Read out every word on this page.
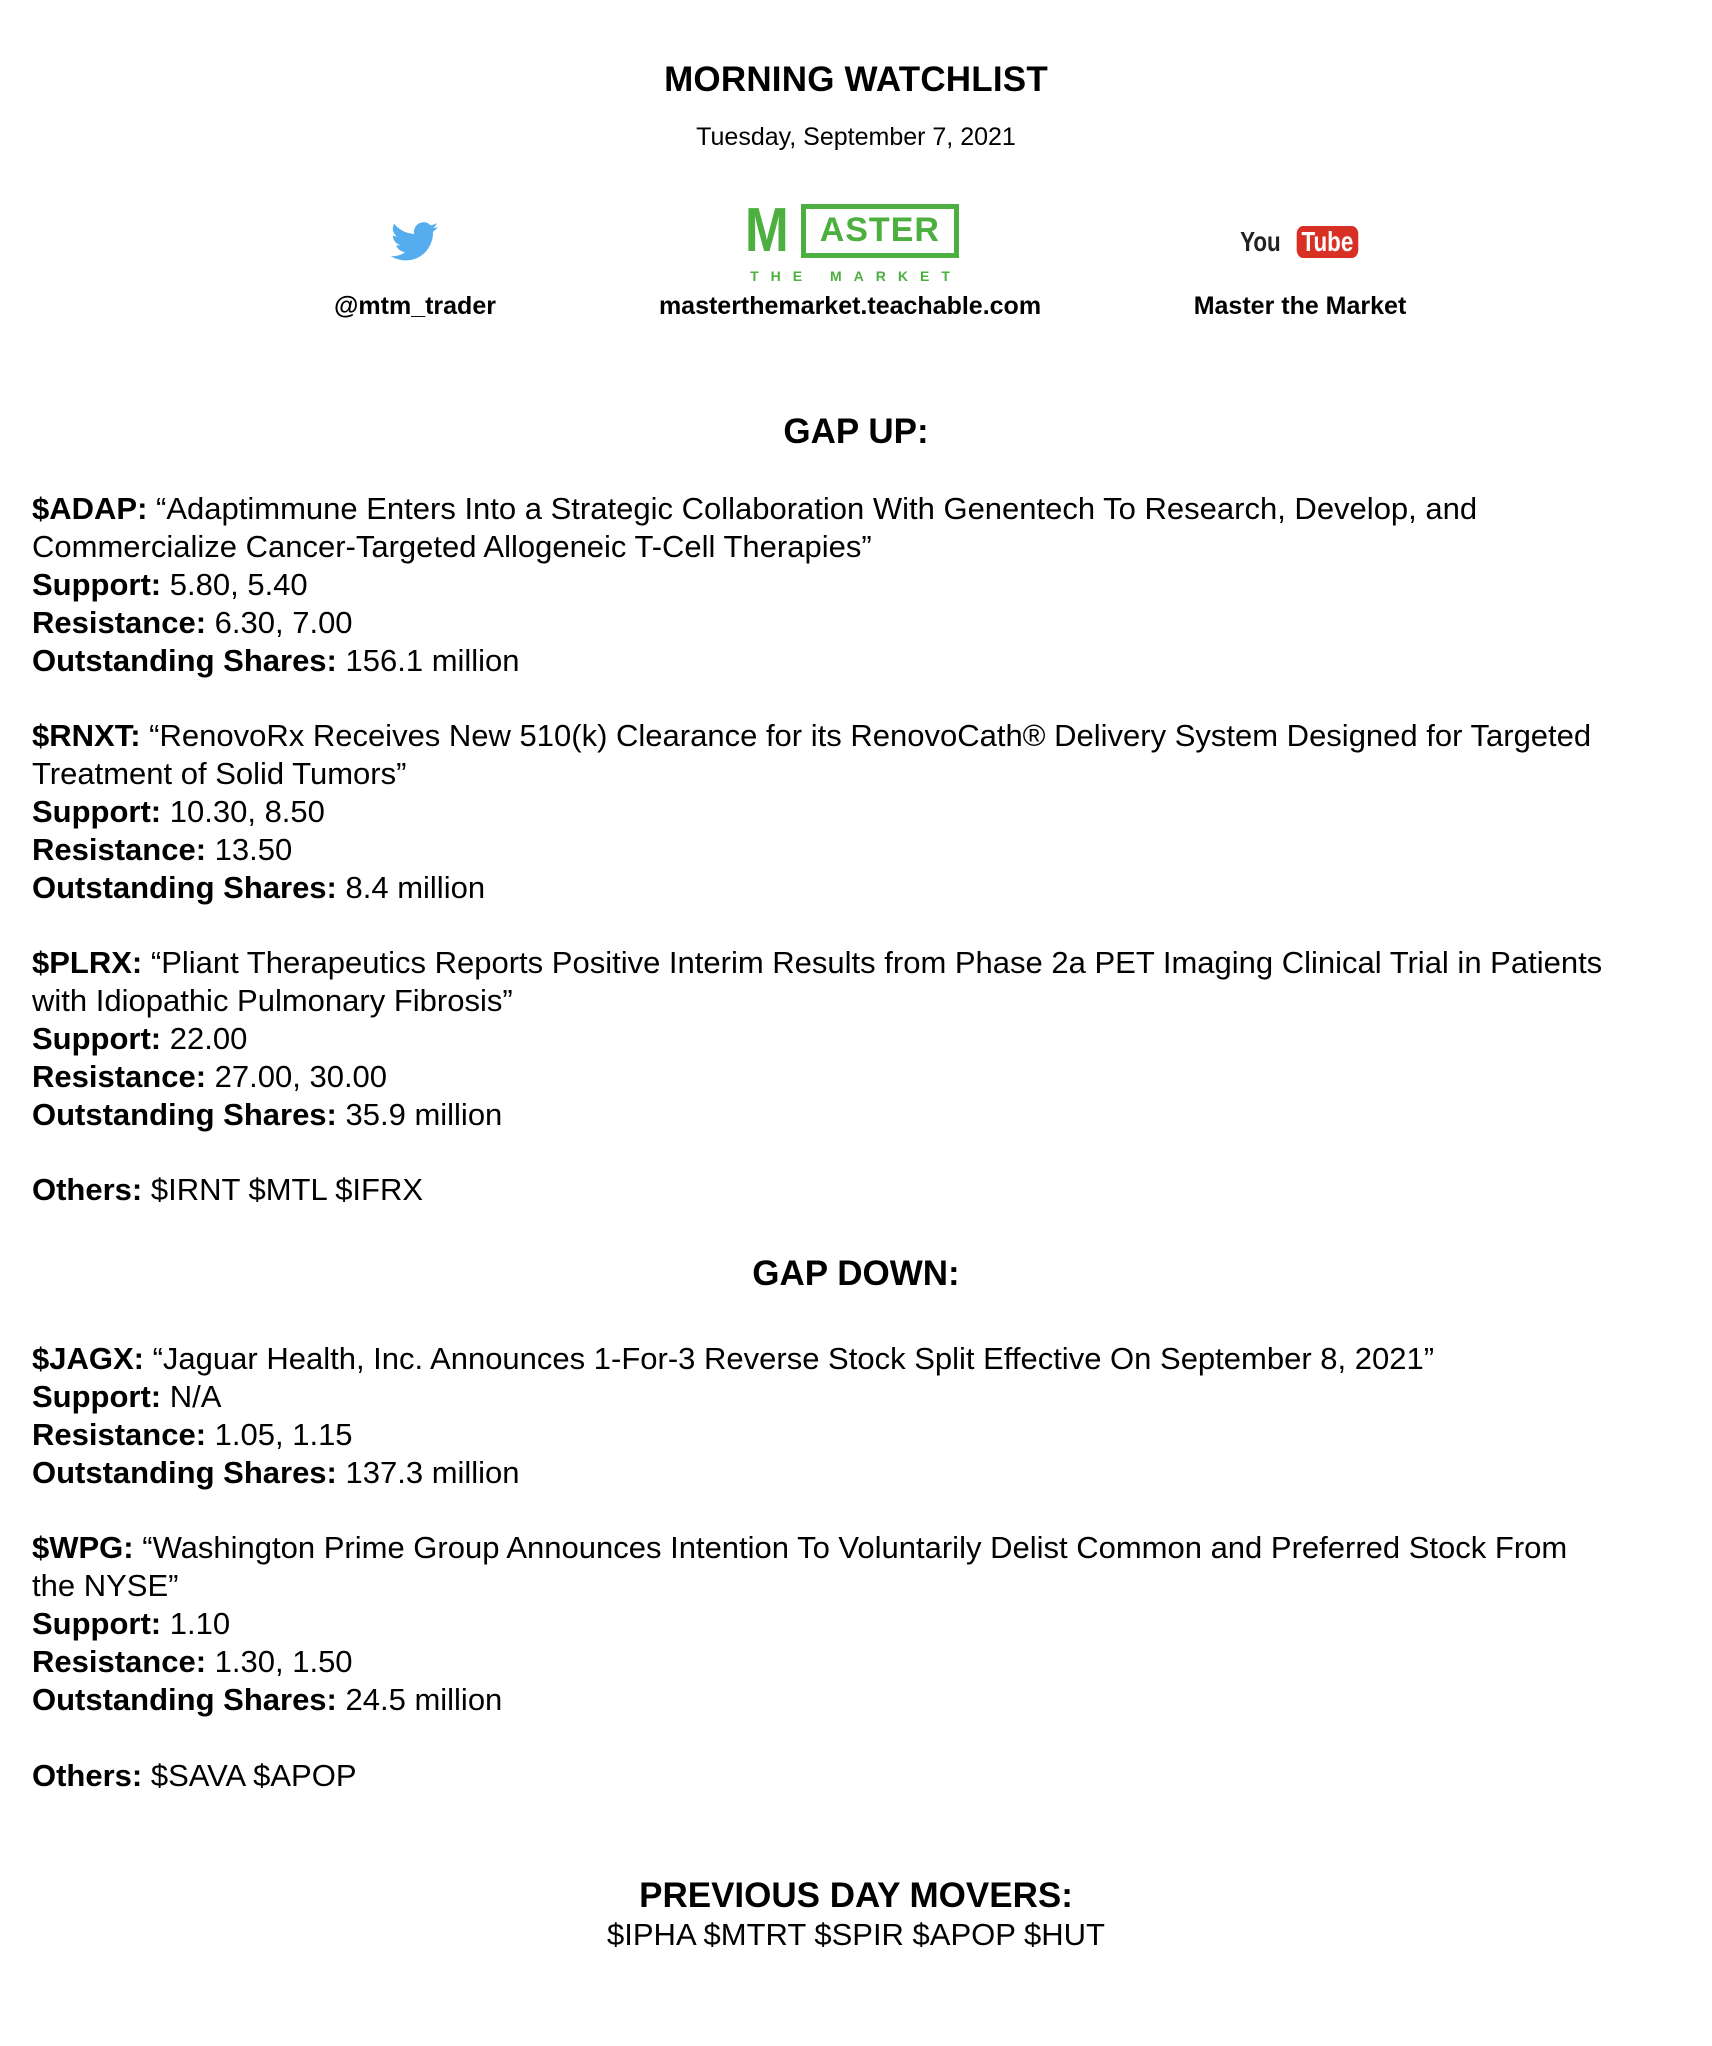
MORNING WATCHLIST
Tuesday, September 7, 2021
@mtm_trader
M ASTER
THE MARKET
masterthemarket.teachable.com
You Tube
Master the Market
GAP UP:
$ADAP: “Adaptimmune Enters Into a Strategic Collaboration With Genentech To Research, Develop, and
Commercialize Cancer-Targeted Allogeneic T-Cell Therapies”
Support: 5.80, 5.40
Resistance: 6.30, 7.00
Outstanding Shares: 156.1 million
$RNXT: “RenovoRx Receives New 510(k) Clearance for its RenovoCath® Delivery System Designed for Targeted
Treatment of Solid Tumors”
Support: 10.30, 8.50
Resistance: 13.50
Outstanding Shares: 8.4 million
$PLRX: “Pliant Therapeutics Reports Positive Interim Results from Phase 2a PET Imaging Clinical Trial in Patients
with Idiopathic Pulmonary Fibrosis”
Support: 22.00
Resistance: 27.00, 30.00
Outstanding Shares: 35.9 million
Others: $IRNT $MTL $IFRX
GAP DOWN:
$JAGX: “Jaguar Health, Inc. Announces 1-For-3 Reverse Stock Split Effective On September 8, 2021”
Support: N/A
Resistance: 1.05, 1.15
Outstanding Shares: 137.3 million
$WPG: “Washington Prime Group Announces Intention To Voluntarily Delist Common and Preferred Stock From
the NYSE”
Support: 1.10
Resistance: 1.30, 1.50
Outstanding Shares: 24.5 million
Others: $SAVA $APOP
PREVIOUS DAY MOVERS:
$IPHA $MTRT $SPIR $APOP $HUT
